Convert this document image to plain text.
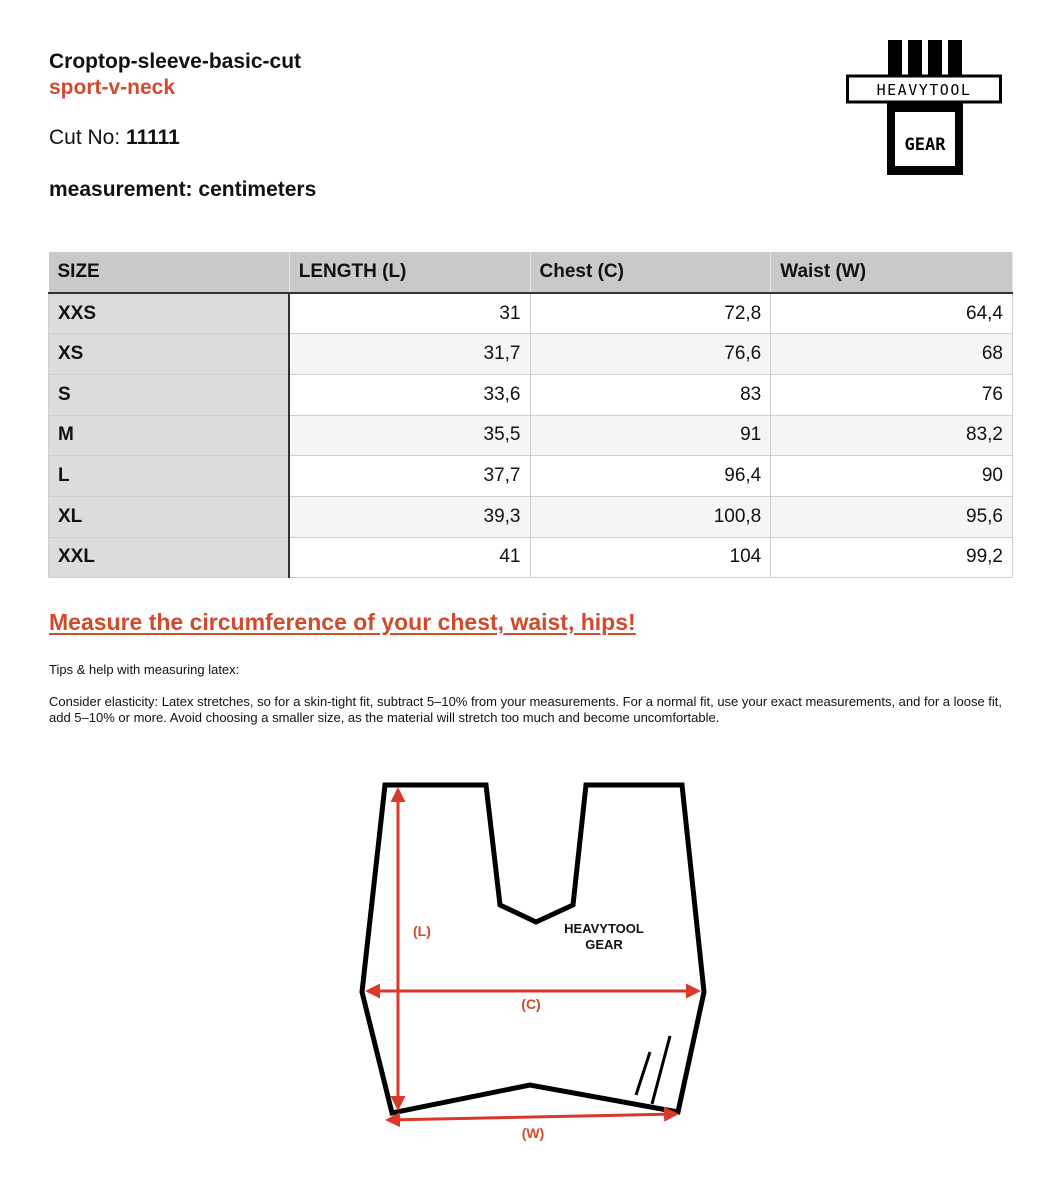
Croptop-sleeve-basic-cut
sport-v-neck
Cut No: 11111
measurement: centimeters
HEAVYTOOL
GEAR
SIZE	LENGTH (L)	Chest (C)	Waist (W)
XXS	31	72,8	64,4
XS	31,7	76,6	68
S	33,6	83	76
M	35,5	91	83,2
L	37,7	96,4	90
XL	39,3	100,8	95,6
XXL	41	104	99,2
Measure the circumference of your chest, waist, hips!
Tips & help with measuring latex:
Consider elasticity: Latex stretches, so for a skin-tight fit, subtract 5–10% from your measurements. For a normal fit, use your exact measurements, and for a loose fit, add 5–10% or more. Avoid choosing a smaller size, as the material will stretch too much and become uncomfortable.
(L)
(C)
(W)
HEAVYTOOL
GEAR
